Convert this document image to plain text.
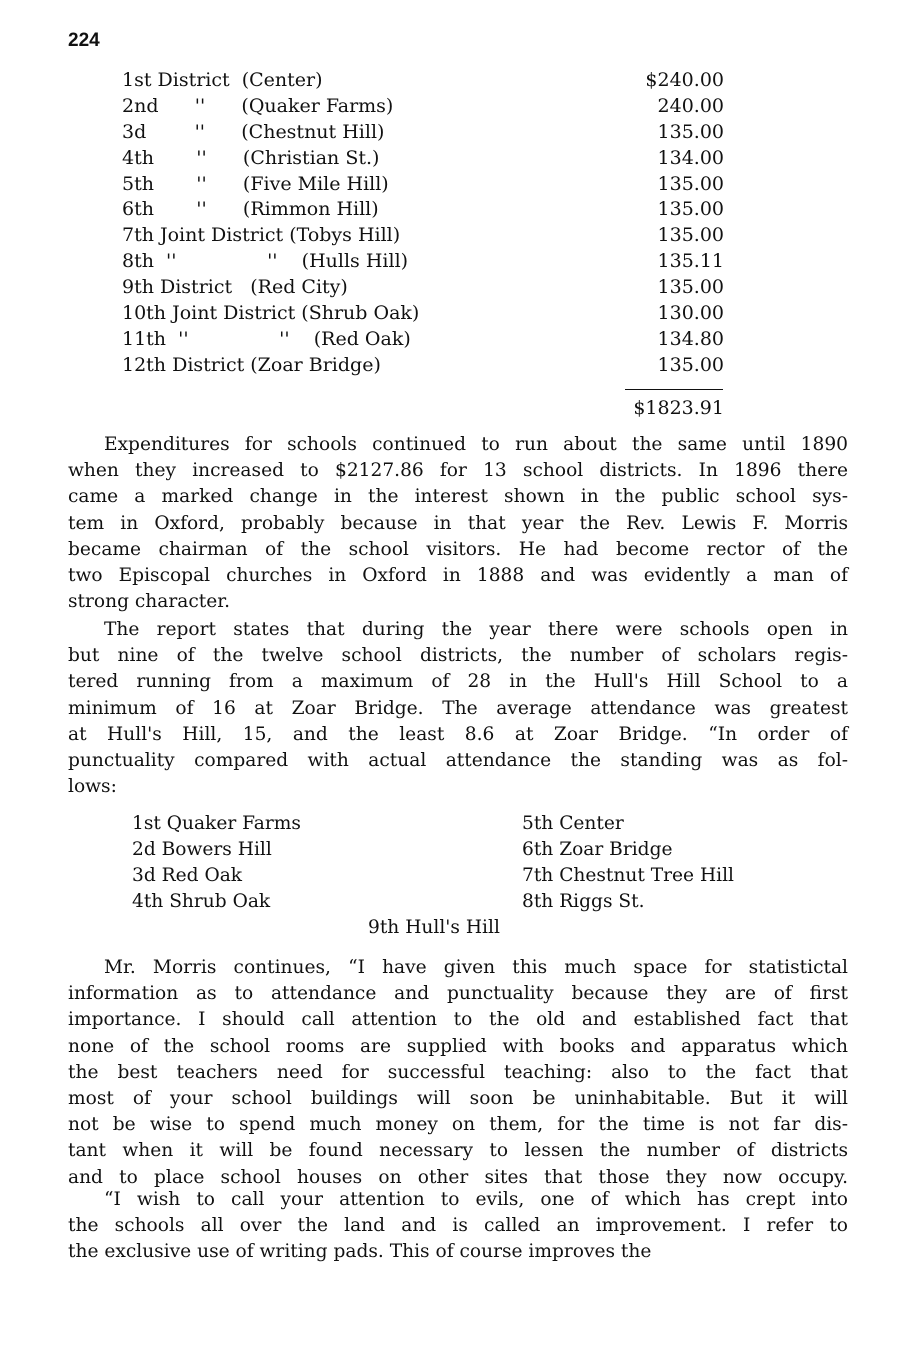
224
1st District  (Center)	$240.00
2nd      ''      (Quaker Farms)	240.00
3d        ''      (Chestnut Hill)	135.00
4th       ''      (Christian St.)	134.00
5th       ''      (Five Mile Hill)	135.00
6th       ''      (Rimmon Hill)	135.00
7th Joint District (Tobys Hill)	135.00
8th  ''               ''    (Hulls Hill)	135.11
9th District   (Red City)	135.00
10th Joint District (Shrub Oak)	130.00
11th  ''               ''    (Red Oak)	134.80
12th District (Zoar Bridge)	135.00
$1823.91

Expenditures for schools continued to run about the same until 1890
when they increased to $2127.86 for 13 school districts. In 1896 there
came a marked change in the interest shown in the public school sys-
tem in Oxford, probably because in that year the Rev. Lewis F. Morris
became chairman of the school visitors. He had become rector of the
two Episcopal churches in Oxford in 1888 and was evidently a man of
strong character.

The report states that during the year there were schools open in
but nine of the twelve school districts, the number of scholars regis-
tered running from a maximum of 28 in the Hull's Hill School to a
minimum of 16 at Zoar Bridge. The average attendance was greatest
at Hull's Hill, 15, and the least 8.6 at Zoar Bridge. “In order of
punctuality compared with actual attendance the standing was as fol-
lows:

1st Quaker Farms
2d Bowers Hill
3d Red Oak
4th Shrub Oak
5th Center
6th Zoar Bridge
7th Chestnut Tree Hill
8th Riggs St.
9th Hull's Hill

Mr. Morris continues, “I have given this much space for statistictal
information as to attendance and punctuality because they are of first
importance. I should call attention to the old and established fact that
none of the school rooms are supplied with books and apparatus which
the best teachers need for successful teaching: also to the fact that
most of your school buildings will soon be uninhabitable. But it will
not be wise to spend much money on them, for the time is not far dis-
tant when it will be found necessary to lessen the number of districts
and to place school houses on other sites that those they now occupy.

“I wish to call your attention to evils, one of which has crept into
the schools all over the land and is called an improvement. I refer to
the exclusive use of writing pads. This of course improves the
